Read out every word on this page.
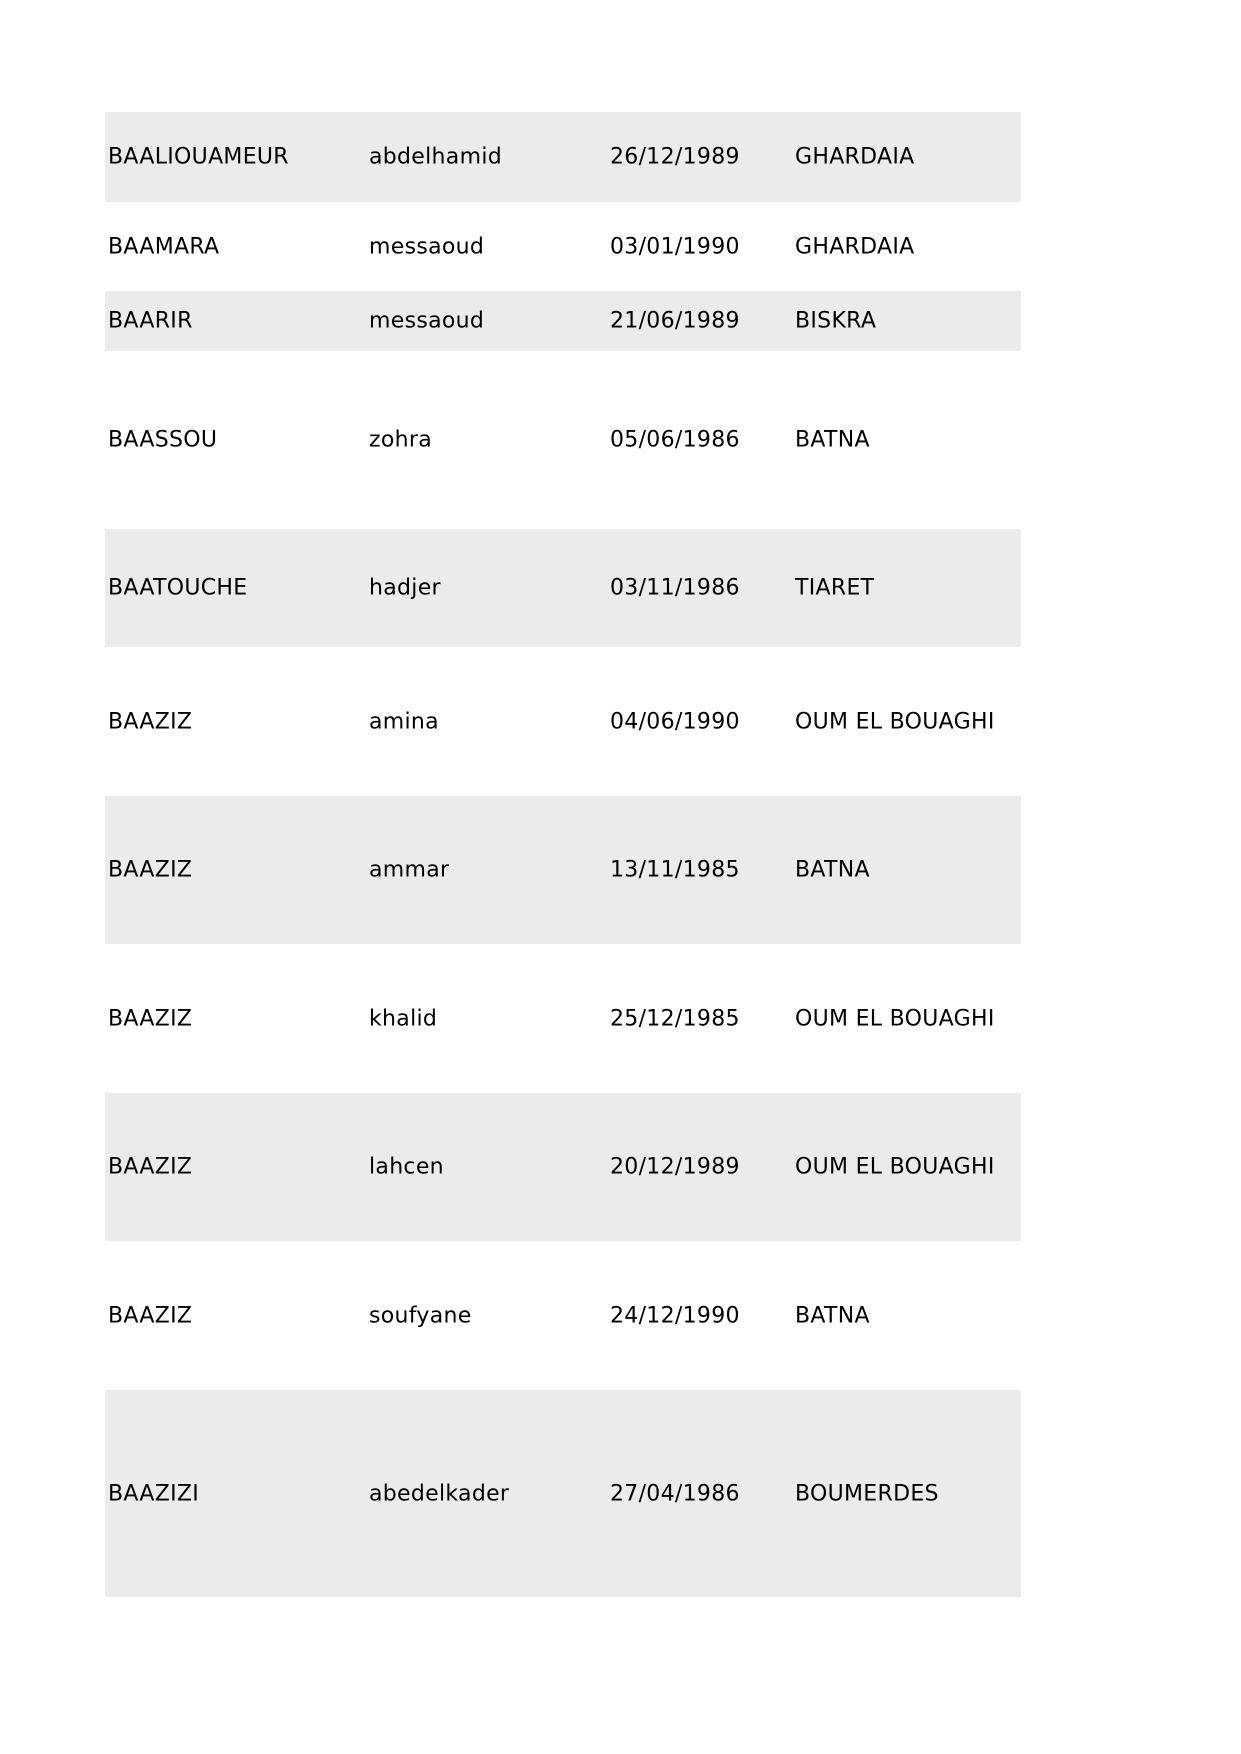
BAALIOUAMEUR	abdelhamid	26/12/1989	GHARDAIA
BAAMARA	messaoud	03/01/1990	GHARDAIA
BAARIR	messaoud	21/06/1989	BISKRA
BAASSOU	zohra	05/06/1986	BATNA
BAATOUCHE	hadjer	03/11/1986	TIARET
BAAZIZ	amina	04/06/1990	OUM EL BOUAGHI
BAAZIZ	ammar	13/11/1985	BATNA
BAAZIZ	khalid	25/12/1985	OUM EL BOUAGHI
BAAZIZ	lahcen	20/12/1989	OUM EL BOUAGHI
BAAZIZ	soufyane	24/12/1990	BATNA
BAAZIZI	abedelkader	27/04/1986	BOUMERDES
